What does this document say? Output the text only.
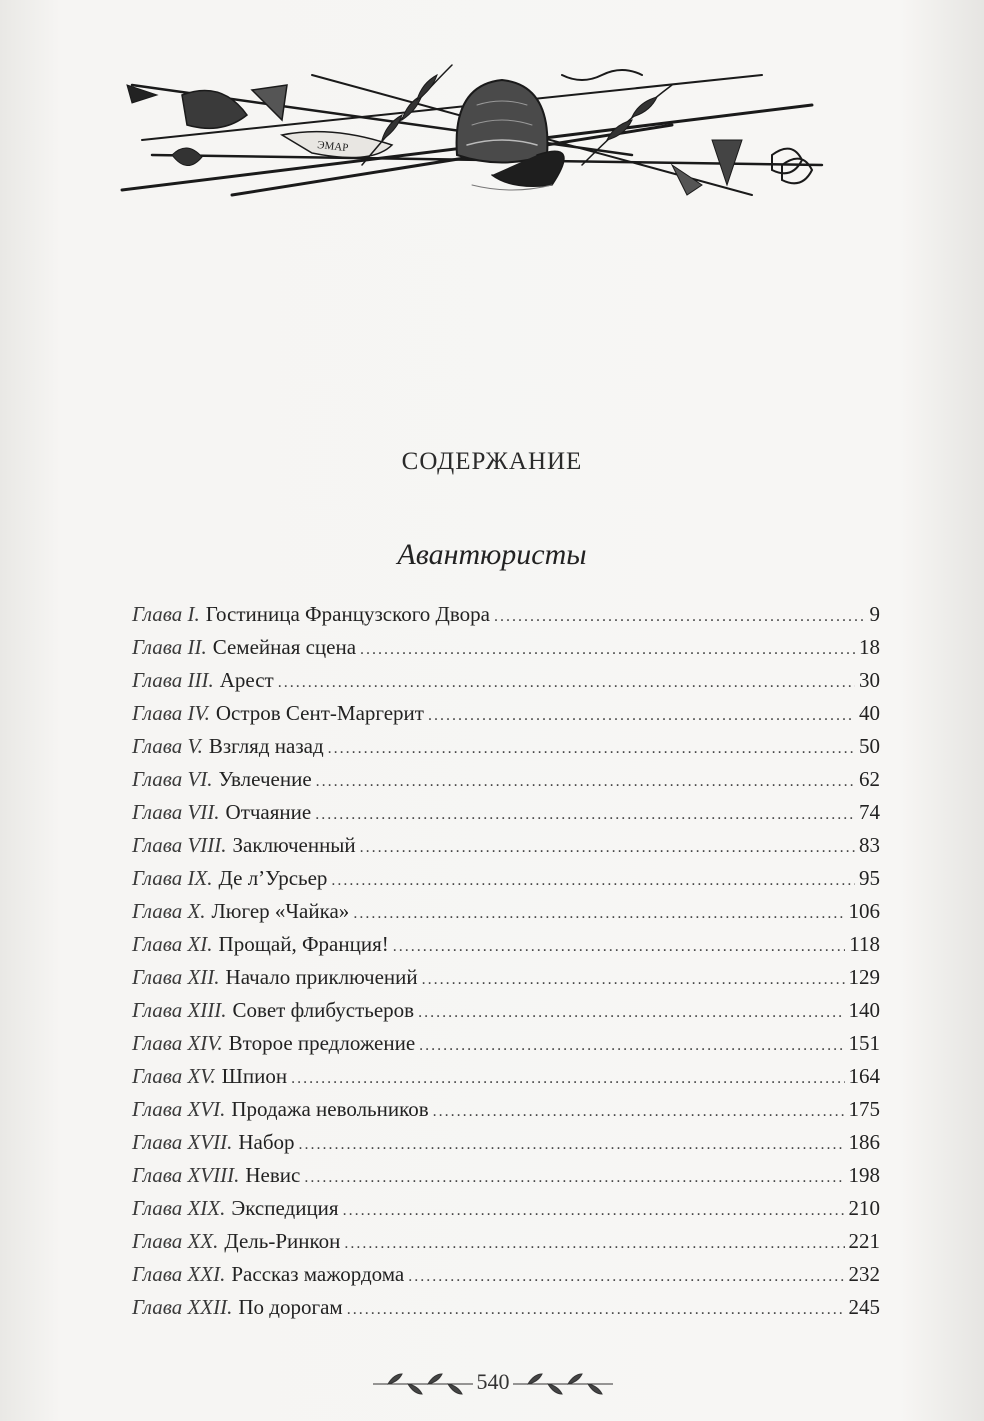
ЭМАР
СОДЕРЖАНИЕ
Авантюристы
Глава I. Гостиница Французского Двора .....	9
Глава II. Семейная сцена .....	18
Глава III. Арест .....	30
Глава IV. Остров Сент-Маргерит .....	40
Глава V. Взгляд назад .....	50
Глава VI. Увлечение .....	62
Глава VII. Отчаяние .....	74
Глава VIII. Заключенный .....	83
Глава IX. Де л’Урсьер .....	95
Глава X. Люгер «Чайка» .....	106
Глава XI. Прощай, Франция! .....	118
Глава XII. Начало приключений .....	129
Глава XIII. Совет флибустьеров .....	140
Глава XIV. Второе предложение .....	151
Глава XV. Шпион .....	164
Глава XVI. Продажа невольников .....	175
Глава XVII. Набор .....	186
Глава XVIII. Невис .....	198
Глава XIX. Экспедиция .....	210
Глава XX. Дель-Ринкон .....	221
Глава XXI. Рассказ мажордома .....	232
Глава XXII. По дорогам .....	245
540
